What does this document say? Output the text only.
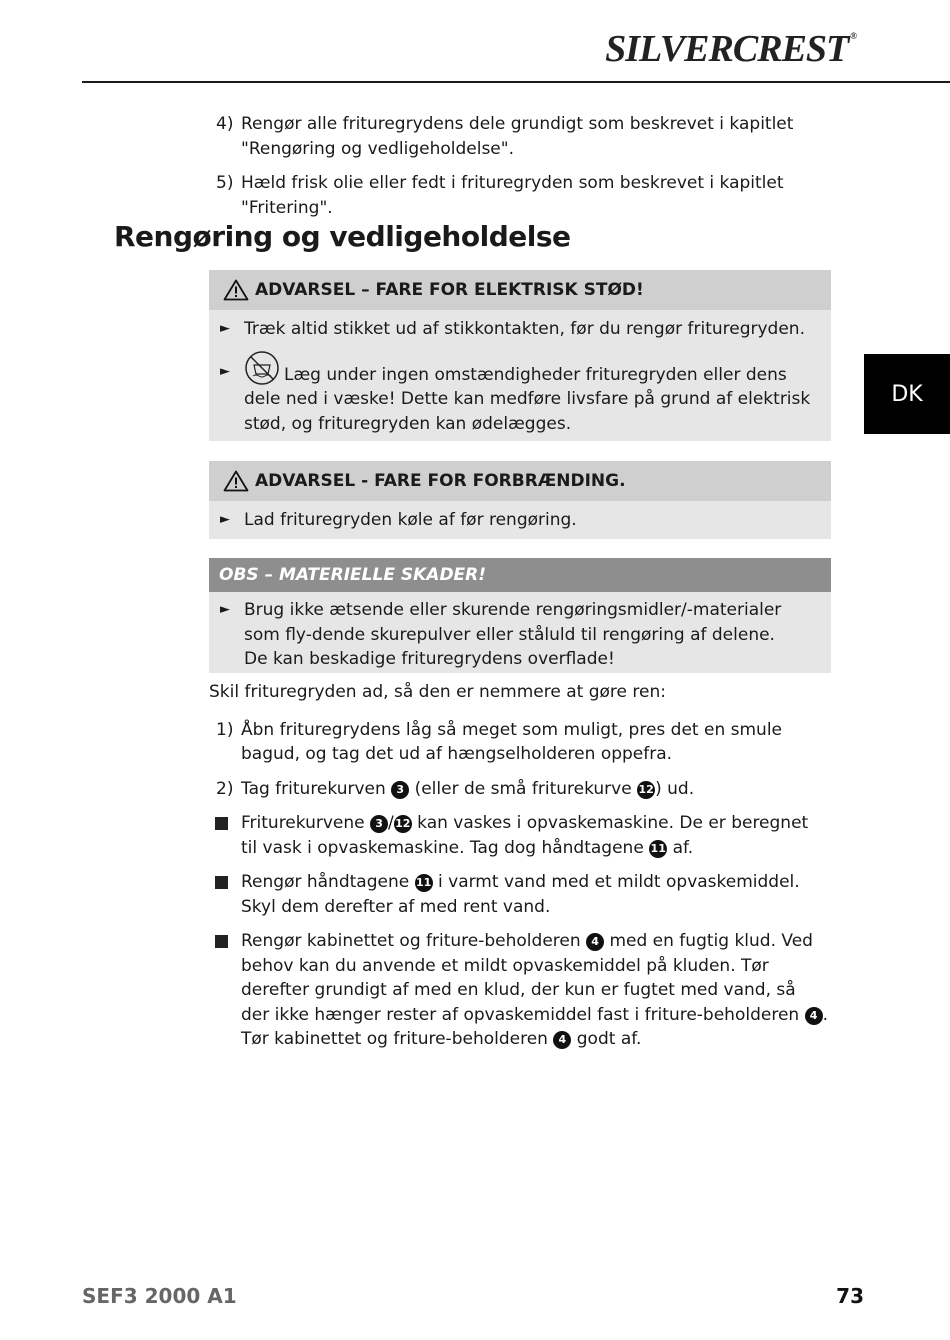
SILVERCREST ®
DK
4) Rengør alle frituregrydens dele grundigt som beskrevet i kapitlet "Rengøring og vedligeholdelse".
5) Hæld frisk olie eller fedt i frituregryden som beskrevet i kapitlet "Fritering".
Rengøring og vedligeholdelse
ADVARSEL – FARE FOR ELEKTRISK STØD!
► Træk altid stikket ud af stikkontakten, før du rengør frituregryden.
►	Læg under ingen omstændigheder frituregryden eller dens dele ned i væske! Dette kan medføre livsfare på grund af elektrisk stød, og frituregryden kan ødelægges.
ADVARSEL - FARE FOR FORBRÆNDING.
► Lad frituregryden køle af før rengøring.
OBS – MATERIELLE SKADER!
► Brug ikke ætsende eller skurende rengøringsmidler/-materialer som fly-dende skurepulver eller ståluld til rengøring af delene. De kan beskadige frituregrydens overflade!
Skil frituregryden ad, så den er nemmere at gøre ren:
1) Åbn frituregrydens låg så meget som muligt, pres det en smule bagud, og tag det ud af hængselholderen oppefra.
2) Tag friturekurven 3 (eller de små friturekurve 12) ud.
Friturekurvene 3 /12 kan vaskes i opvaskemaskine. De er beregnet til vask i opvaskemaskine. Tag dog håndtagene 11 af.
Rengør håndtagene 11 i varmt vand med et mildt opvaskemiddel. Skyl dem derefter af med rent vand.
Rengør kabinettet og friture-beholderen 4 med en fugtig klud. Ved behov kan du anvende et mildt opvaskemiddel på kluden. Tør derefter grundigt af med en klud, der kun er fugtet med vand, så der ikke hænger rester af opvaskemiddel fast i friture-beholderen 4 . Tør kabinettet og friture-beholderen 4 godt af.
SEF3 2000 A1	73
